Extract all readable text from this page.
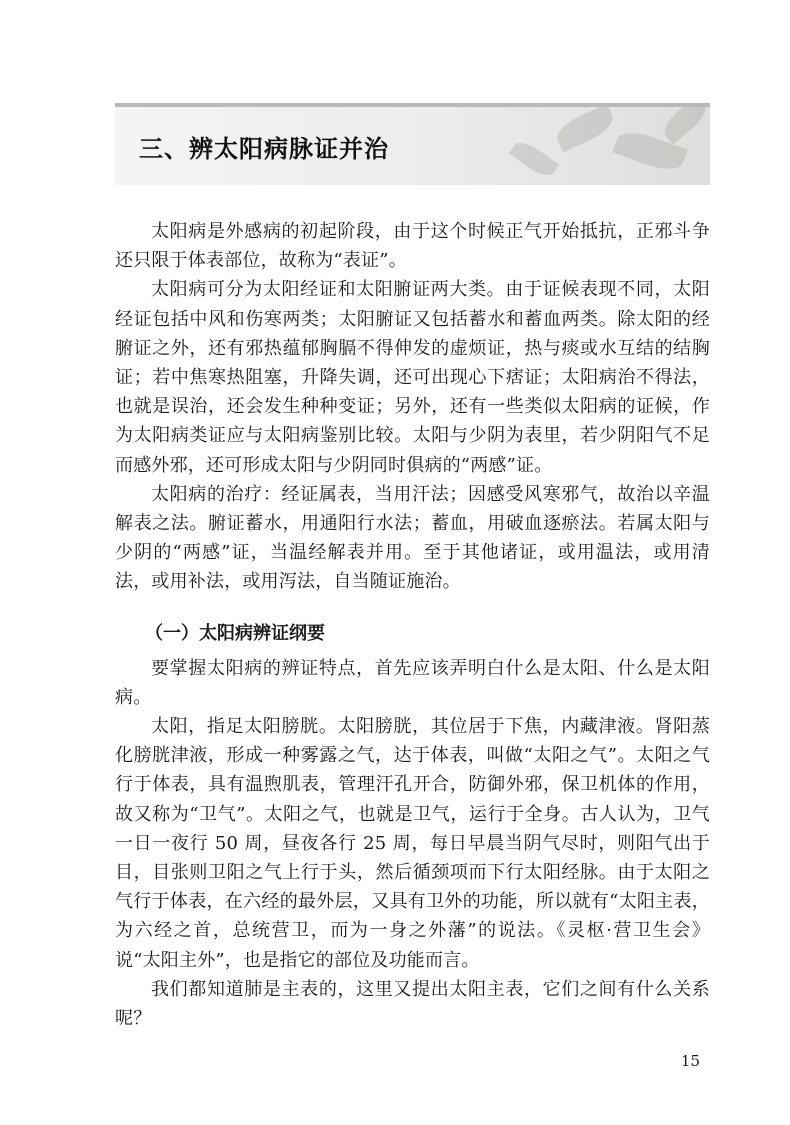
三、辨太阳病脉证并治

太阳病是外感病的初起阶段，由于这个时候正气开始抵抗，正邪斗争还只限于体表部位，故称为“表证”。

太阳病可分为太阳经证和太阳腑证两大类。由于证候表现不同，太阳经证包括中风和伤寒两类；太阳腑证又包括蓄水和蓄血两类。除太阳的经腑证之外，还有邪热蕴郁胸膈不得伸发的虚烦证，热与痰或水互结的结胸证；若中焦寒热阻塞，升降失调，还可出现心下痞证；太阳病治不得法，也就是误治，还会发生种种变证；另外，还有一些类似太阳病的证候，作为太阳病类证应与太阳病鉴别比较。太阳与少阴为表里，若少阴阳气不足而感外邪，还可形成太阳与少阴同时俱病的“两感”证。

太阳病的治疗：经证属表，当用汗法；因感受风寒邪气，故治以辛温解表之法。腑证蓄水，用通阳行水法；蓄血，用破血逐瘀法。若属太阳与少阴的“两感”证，当温经解表并用。至于其他诸证，或用温法，或用清法，或用补法，或用泻法，自当随证施治。

（一）太阳病辨证纲要

要掌握太阳病的辨证特点，首先应该弄明白什么是太阳、什么是太阳病。

太阳，指足太阳膀胱。太阳膀胱，其位居于下焦，内藏津液。肾阳蒸化膀胱津液，形成一种雾露之气，达于体表，叫做“太阳之气”。太阳之气行于体表，具有温煦肌表，管理汗孔开合，防御外邪，保卫机体的作用，故又称为“卫气”。太阳之气，也就是卫气，运行于全身。古人认为，卫气一日一夜行 50 周，昼夜各行 25 周，每日早晨当阴气尽时，则阳气出于目，目张则卫阳之气上行于头，然后循颈项而下行太阳经脉。由于太阳之气行于体表，在六经的最外层，又具有卫外的功能，所以就有“太阳主表，为六经之首，总统营卫，而为一身之外藩”的说法。《灵枢·营卫生会》说“太阳主外”，也是指它的部位及功能而言。

我们都知道肺是主表的，这里又提出太阳主表，它们之间有什么关系呢？

15
